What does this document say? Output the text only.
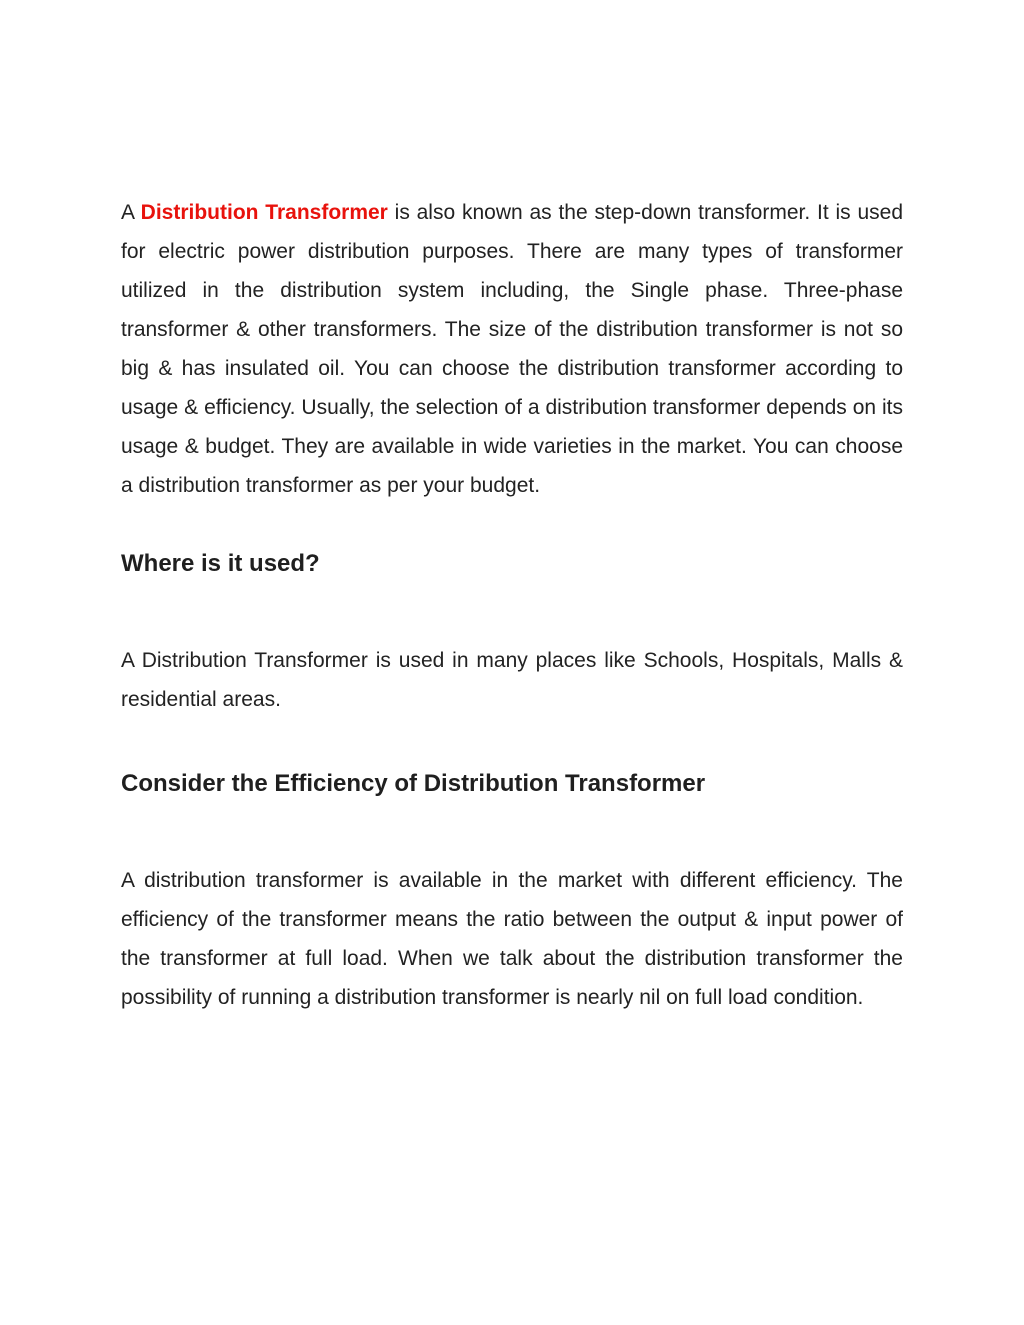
A Distribution Transformer is also known as the step-down transformer. It is used for electric power distribution purposes. There are many types of transformer utilized in the distribution system including, the Single phase. Three-phase transformer & other transformers. The size of the distribution transformer is not so big & has insulated oil. You can choose the distribution transformer according to usage & efficiency. Usually, the selection of a distribution transformer depends on its usage & budget. They are available in wide varieties in the market. You can choose a distribution transformer as per your budget.

Where is it used?

A Distribution Transformer is used in many places like Schools, Hospitals, Malls & residential areas.

Consider the Efficiency of Distribution Transformer

A distribution transformer is available in the market with different efficiency. The efficiency of the transformer means the ratio between the output & input power of the transformer at full load. When we talk about the distribution transformer the possibility of running a distribution transformer is nearly nil on full load condition.
